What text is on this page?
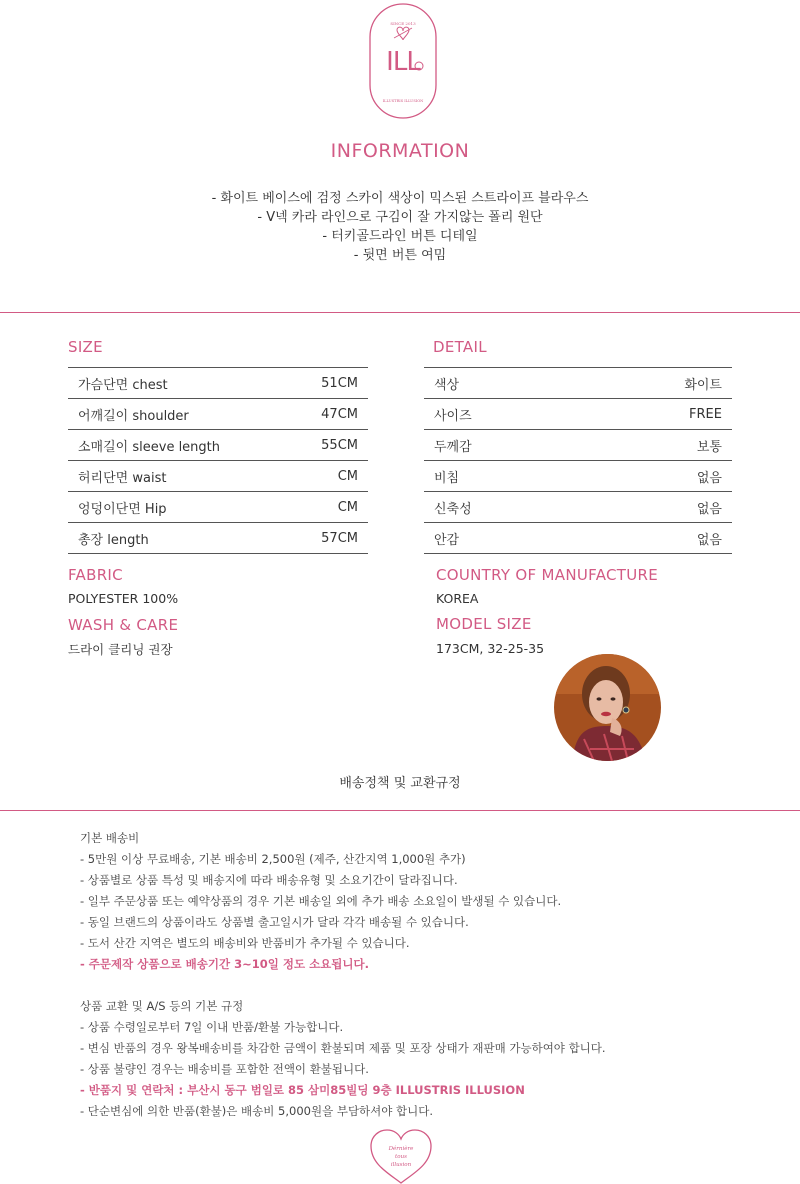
SINCE 2013
ILL
ILLUSTRIS ILLUSION
INFORMATION
- 화이트 베이스에 검정 스카이 색상이 믹스된 스트라이프 블라우스
- V넥 카라 라인으로 구김이 잘 가지않는 폴리 원단
- 터키골드라인 버튼 디테일
- 뒷면 버튼 여밈
SIZE
가슴단면 chest	51CM
어깨길이 shoulder	47CM
소매길이 sleeve length	55CM
허리단면 waist	CM
엉덩이단면 Hip	CM
총장 length	57CM
DETAIL
색상	화이트
사이즈	FREE
두께감	보통
비침	없음
신축성	없음
안감	없음
FABRIC
POLYESTER 100%
WASH & CARE
드라이 클리닝 권장
COUNTRY OF MANUFACTURE
KOREA
MODEL SIZE
173CM, 32-25-35
배송정책 및 교환규정
기본 배송비
- 5만원 이상 무료배송, 기본 배송비 2,500원 (제주, 산간지역 1,000원 추가)
- 상품별로 상품 특성 및 배송지에 따라 배송유형 및 소요기간이 달라집니다.
- 일부 주문상품 또는 예약상품의 경우 기본 배송일 외에 추가 배송 소요일이 발생될 수 있습니다.
- 동일 브랜드의 상품이라도 상품별 출고일시가 달라 각각 배송될 수 있습니다.
- 도서 산간 지역은 별도의 배송비와 반품비가 추가될 수 있습니다.
- 주문제작 상품으로 배송기간 3~10일 정도 소요됩니다.
상품 교환 및 A/S 등의 기본 규정
- 상품 수령일로부터 7일 이내 반품/환불 가능합니다.
- 변심 반품의 경우 왕복배송비를 차감한 금액이 환불되며 제품 및 포장 상태가 재판매 가능하여야 합니다.
- 상품 불량인 경우는 배송비를 포함한 전액이 환불됩니다.
- 반품지 및 연락처 : 부산시 동구 범일로 85 삼미85빌딩 9층 ILLUSTRIS ILLUSION
- 단순변심에 의한 반품(환불)은 배송비 5,000원을 부담하셔야 합니다.
Dérnière
tous
illusion
